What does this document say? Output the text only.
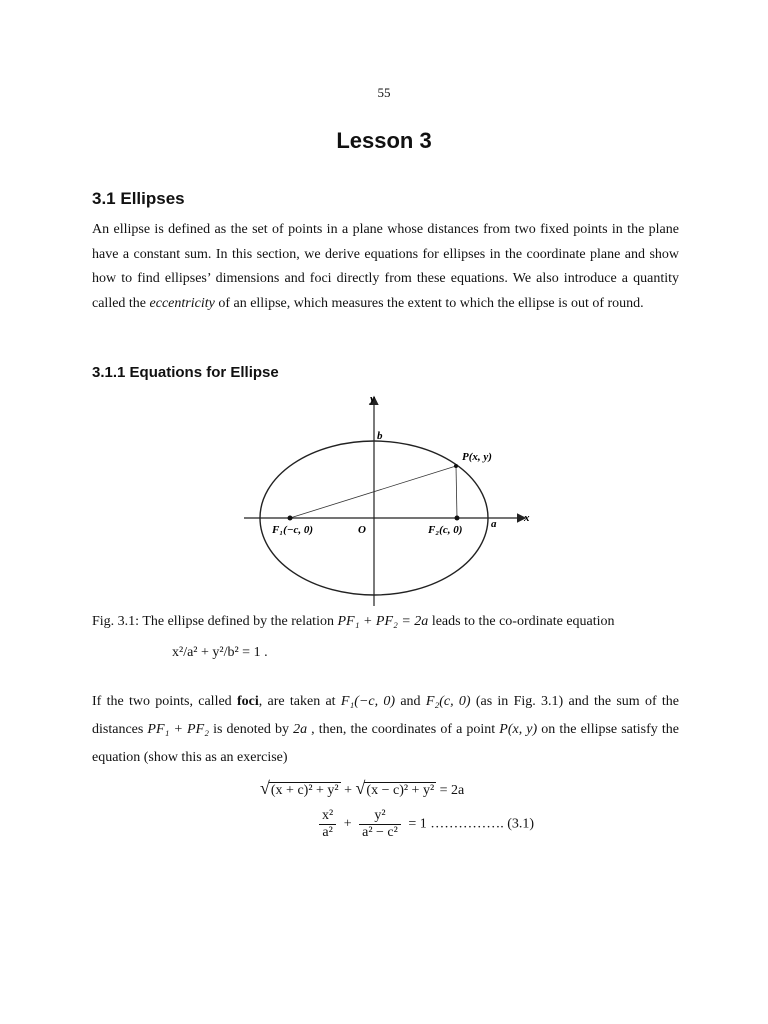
55
Lesson 3
3.1 Ellipses

An ellipse is defined as the set of points in a plane whose distances from two fixed points in the plane have a constant sum. In this section, we derive equations for ellipses in the coordinate plane and show how to find ellipses’ dimensions and foci directly from these equations. We also introduce a quantity called the eccentricity of an ellipse, which measures the extent to which the ellipse is out of round.

3.1.1 Equations for Ellipse
y
x
b
a
O
P(x, y)
F₁(−c, 0)	F₂(c, 0)

Fig. 3.1: The ellipse defined by the relation PF₁ + PF₂ = 2a leads to the co-ordinate equation

x²/a² + y²/b² = 1 .

If the two points, called foci, are taken at F₁(−c, 0) and F₂(c, 0) (as in Fig. 3.1) and the sum of the distances PF₁ + PF₂ is denoted by 2a , then, the coordinates of a point P(x, y) on the ellipse satisfy the equation (show this as an exercise)

√(x + c)² + y² + √(x − c)² + y² = 2a
$\frac{\text{x²}}{\text{a²}} + \frac{\text{y²}}{\text{a² − c²}} = 1$ ……………. (3.1)
